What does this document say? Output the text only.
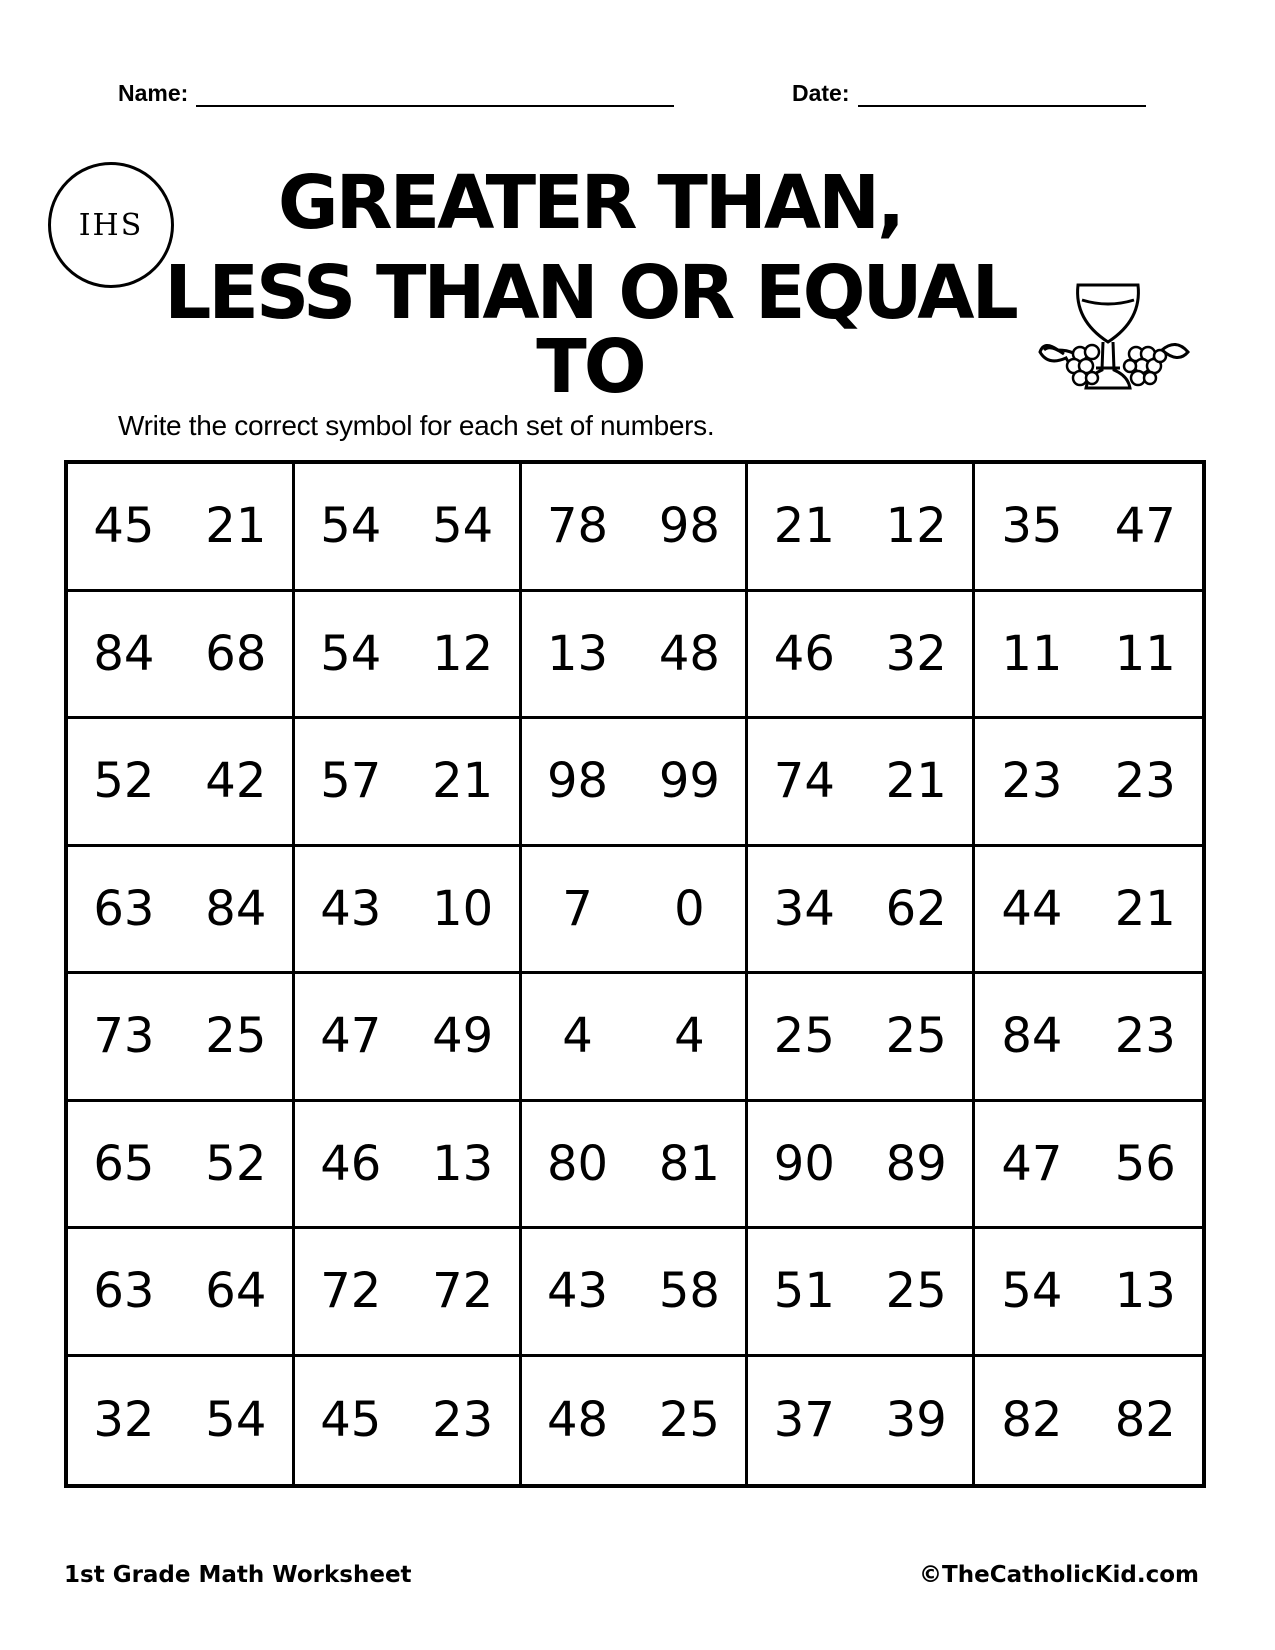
Name:	Date:
IHS	GREATER THAN,
LESS THAN OR EQUAL TO
Write the correct symbol for each set of numbers.
45	21	54	54	78	98	21	12	35	47
84	68	54	12	13	48	46	32	11	11
52	42	57	21	98	99	74	21	23	23
63	84	43	10	7	0	34	62	44	21
73	25	47	49	4	4	25	25	84	23
65	52	46	13	80	81	90	89	47	56
63	64	72	72	43	58	51	25	54	13
32	54	45	23	48	25	37	39	82	82
1st Grade Math Worksheet	©TheCatholicKid.com
